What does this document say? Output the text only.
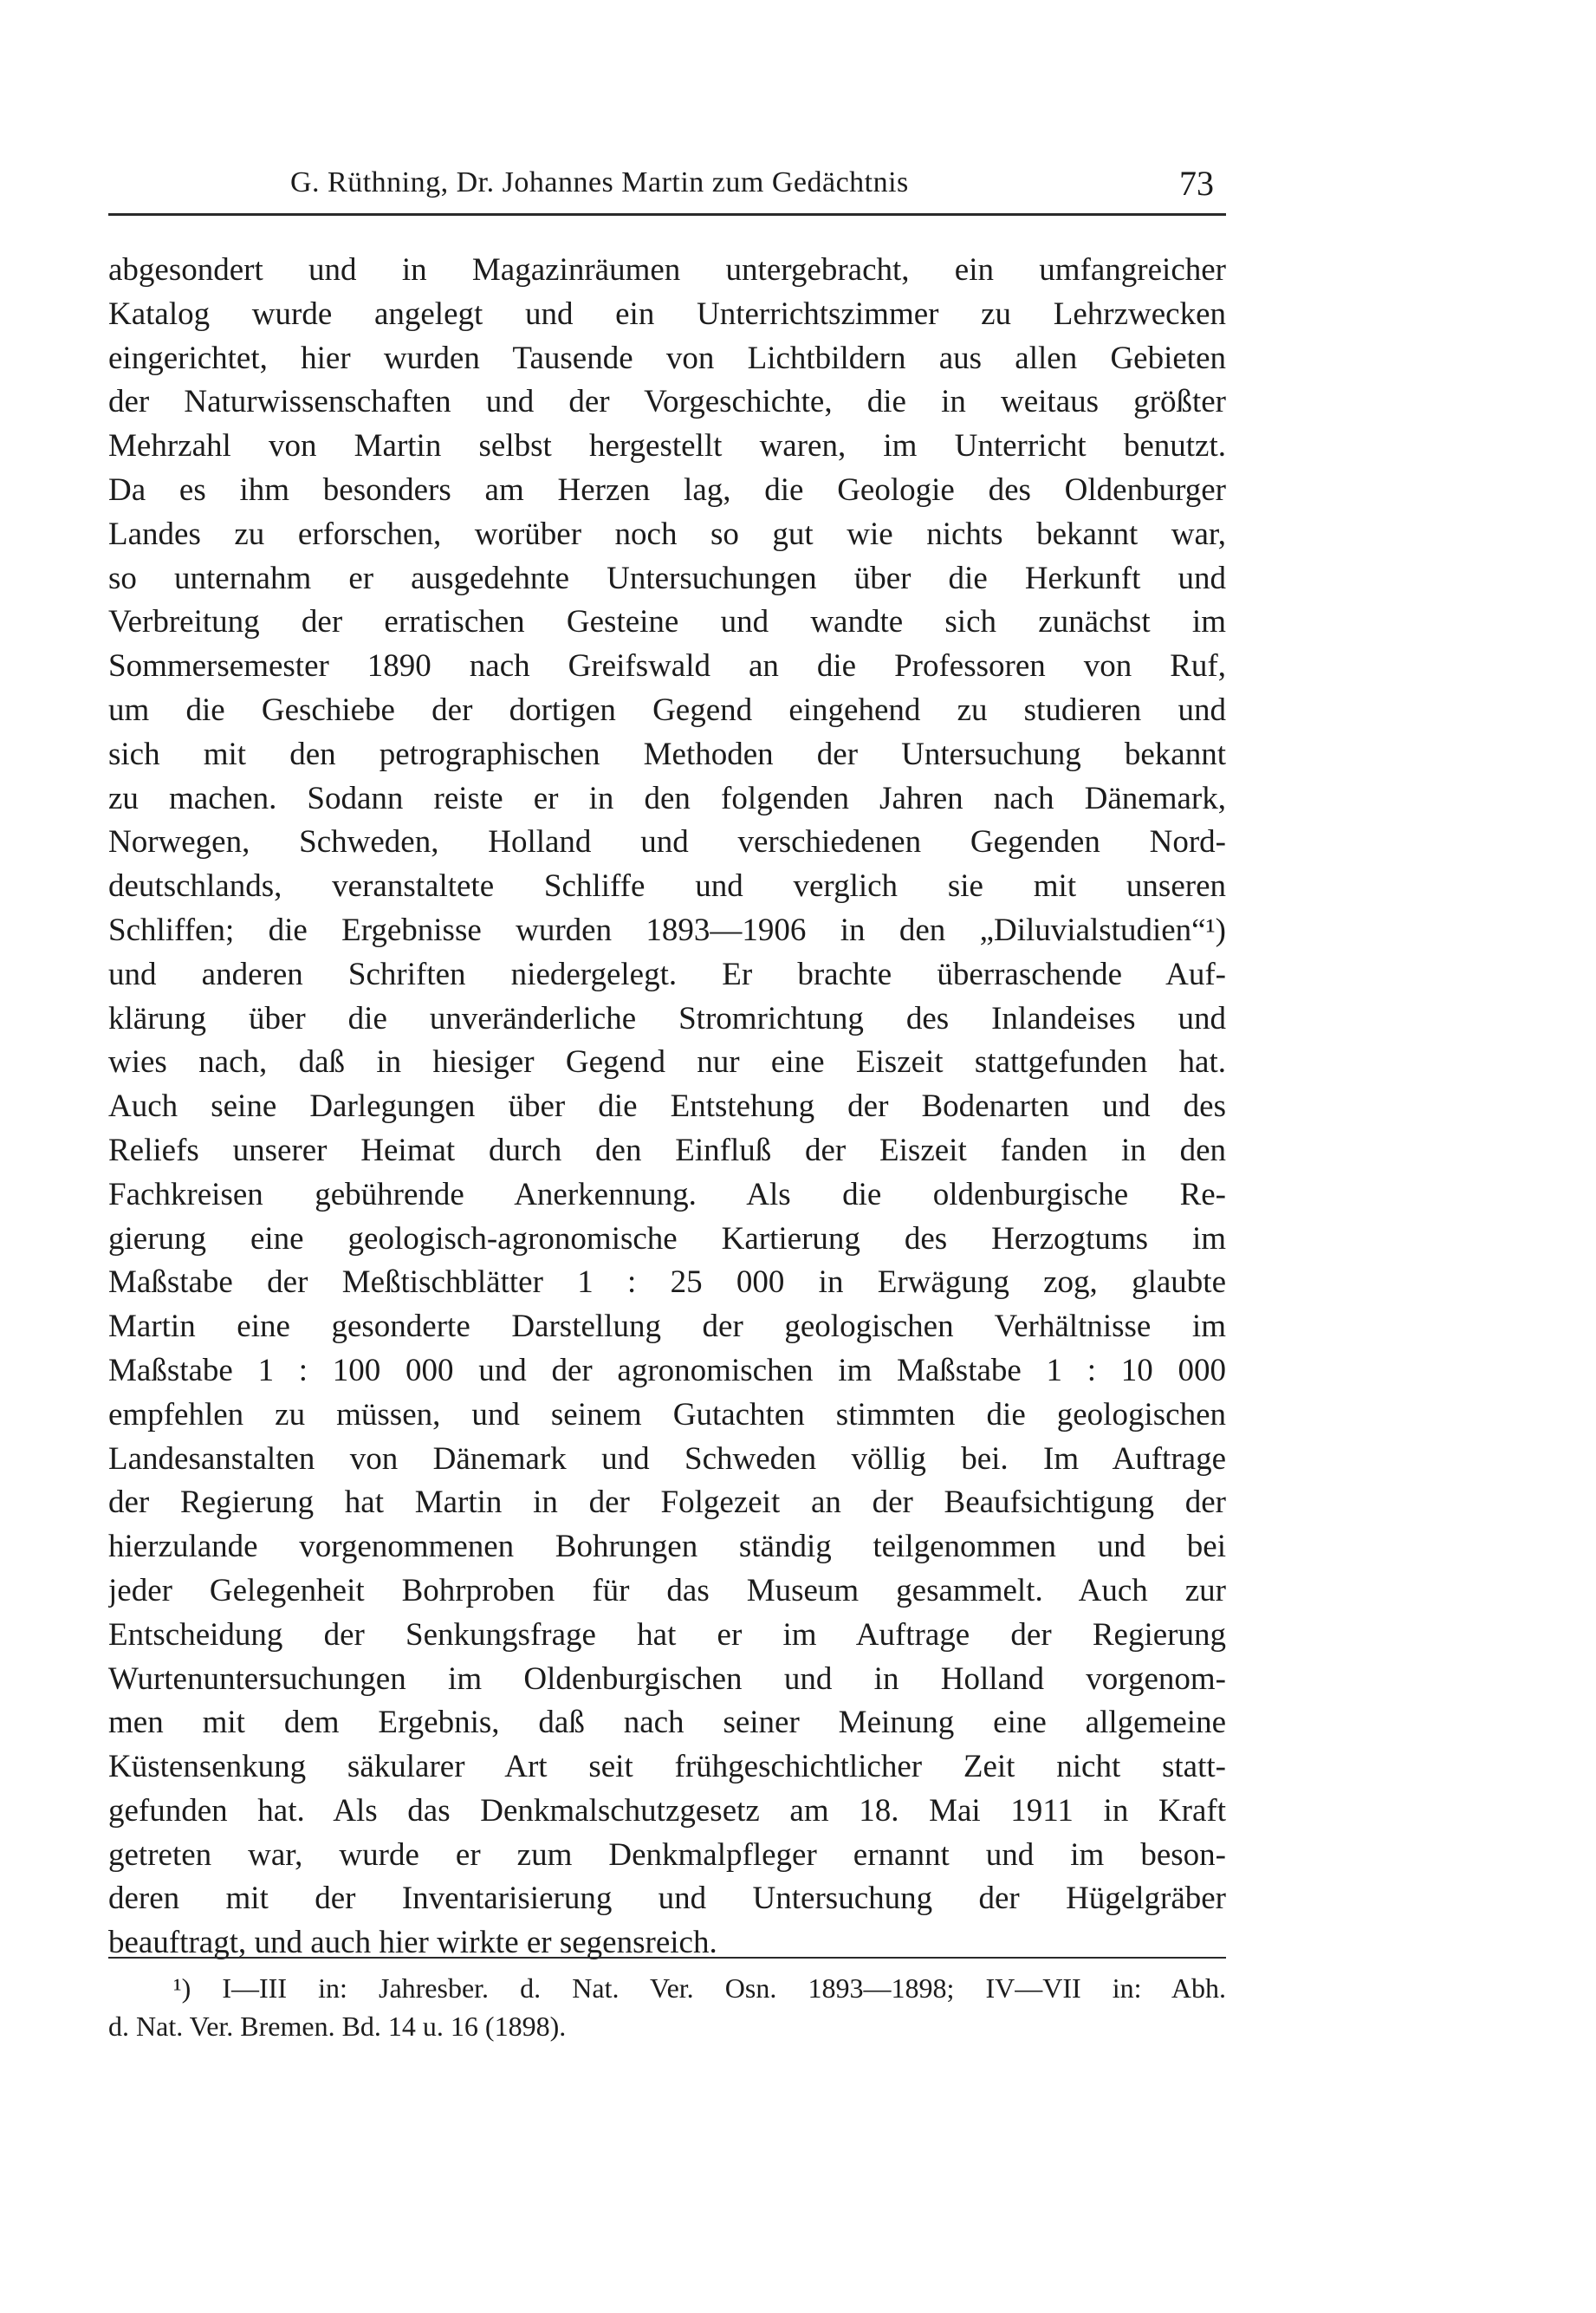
G. Rüthning, Dr. Johannes Martin zum Gedächtnis	73
abgesondert und in Magazinräumen untergebracht, ein umfangreicher
Katalog wurde angelegt und ein Unterrichtszimmer zu Lehrzwecken
eingerichtet, hier wurden Tausende von Lichtbildern aus allen Gebieten
der Naturwissenschaften und der Vorgeschichte, die in weitaus größter
Mehrzahl von Martin selbst hergestellt waren, im Unterricht benutzt.
Da es ihm besonders am Herzen lag, die Geologie des Oldenburger
Landes zu erforschen, worüber noch so gut wie nichts bekannt war,
so unternahm er ausgedehnte Untersuchungen über die Herkunft und
Verbreitung der erratischen Gesteine und wandte sich zunächst im
Sommersemester 1890 nach Greifswald an die Professoren von Ruf,
um die Geschiebe der dortigen Gegend eingehend zu studieren und
sich mit den petrographischen Methoden der Untersuchung bekannt
zu machen. Sodann reiste er in den folgenden Jahren nach Dänemark,
Norwegen, Schweden, Holland und verschiedenen Gegenden Nord-
deutschlands, veranstaltete Schliffe und verglich sie mit unseren
Schliffen; die Ergebnisse wurden 1893—1906 in den „Diluvialstudien“¹)
und anderen Schriften niedergelegt. Er brachte überraschende Auf-
klärung über die unveränderliche Stromrichtung des Inlandeises und
wies nach, daß in hiesiger Gegend nur eine Eiszeit stattgefunden hat.
Auch seine Darlegungen über die Entstehung der Bodenarten und des
Reliefs unserer Heimat durch den Einfluß der Eiszeit fanden in den
Fachkreisen gebührende Anerkennung. Als die oldenburgische Re-
gierung eine geologisch-agronomische Kartierung des Herzogtums im
Maßstabe der Meßtischblätter 1 : 25 000 in Erwägung zog, glaubte
Martin eine gesonderte Darstellung der geologischen Verhältnisse im
Maßstabe 1 : 100 000 und der agronomischen im Maßstabe 1 : 10 000
empfehlen zu müssen, und seinem Gutachten stimmten die geologischen
Landesanstalten von Dänemark und Schweden völlig bei. Im Auftrage
der Regierung hat Martin in der Folgezeit an der Beaufsichtigung der
hierzulande vorgenommenen Bohrungen ständig teilgenommen und bei
jeder Gelegenheit Bohrproben für das Museum gesammelt. Auch zur
Entscheidung der Senkungsfrage hat er im Auftrage der Regierung
Wurtenuntersuchungen im Oldenburgischen und in Holland vorgenom-
men mit dem Ergebnis, daß nach seiner Meinung eine allgemeine
Küstensenkung säkularer Art seit frühgeschichtlicher Zeit nicht statt-
gefunden hat. Als das Denkmalschutzgesetz am 18. Mai 1911 in Kraft
getreten war, wurde er zum Denkmalpfleger ernannt und im beson-
deren mit der Inventarisierung und Untersuchung der Hügelgräber
beauftragt, und auch hier wirkte er segensreich.
¹) I—III in: Jahresber. d. Nat. Ver. Osn. 1893—1898; IV—VII in: Abh.
d. Nat. Ver. Bremen. Bd. 14 u. 16 (1898).
